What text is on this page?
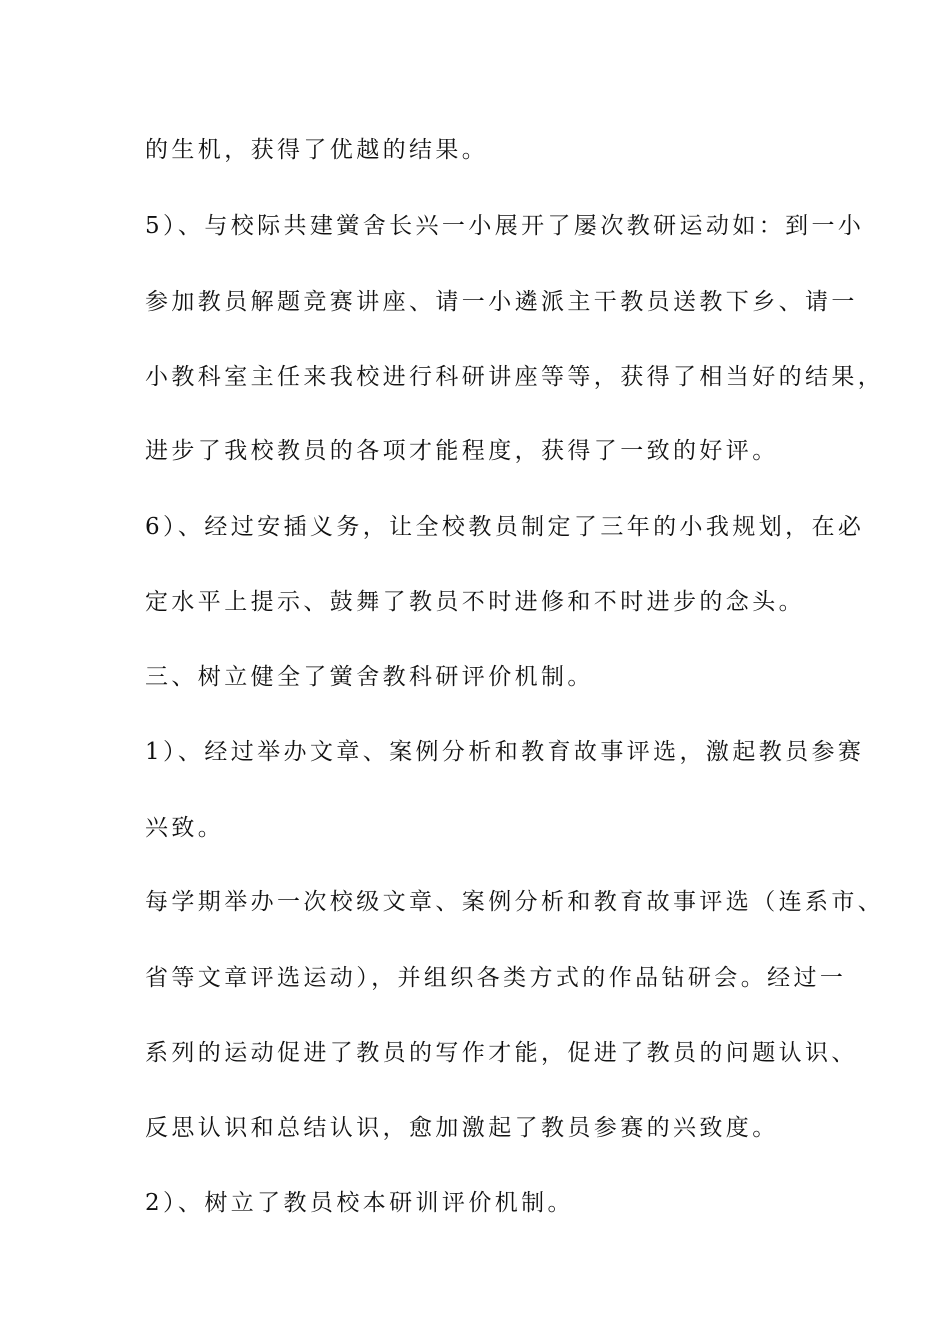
的生机，获得了优越的结果。

5）、与校际共建黉舍长兴一小展开了屡次教研运动如：到一小

参加教员解题竞赛讲座、请一小遴派主干教员送教下乡、请一

小教科室主任来我校进行科研讲座等等，获得了相当好的结果，

进步了我校教员的各项才能程度，获得了一致的好评。

6）、经过安插义务，让全校教员制定了三年的小我规划，在必

定水平上提示、鼓舞了教员不时进修和不时进步的念头。

三、树立健全了黉舍教科研评价机制。

1）、经过举办文章、案例分析和教育故事评选，激起教员参赛

兴致。

每学期举办一次校级文章、案例分析和教育故事评选（连系市、

省等文章评选运动），并组织各类方式的作品钻研会。经过一

系列的运动促进了教员的写作才能，促进了教员的问题认识、

反思认识和总结认识，愈加激起了教员参赛的兴致度。

2）、树立了教员校本研训评价机制。
